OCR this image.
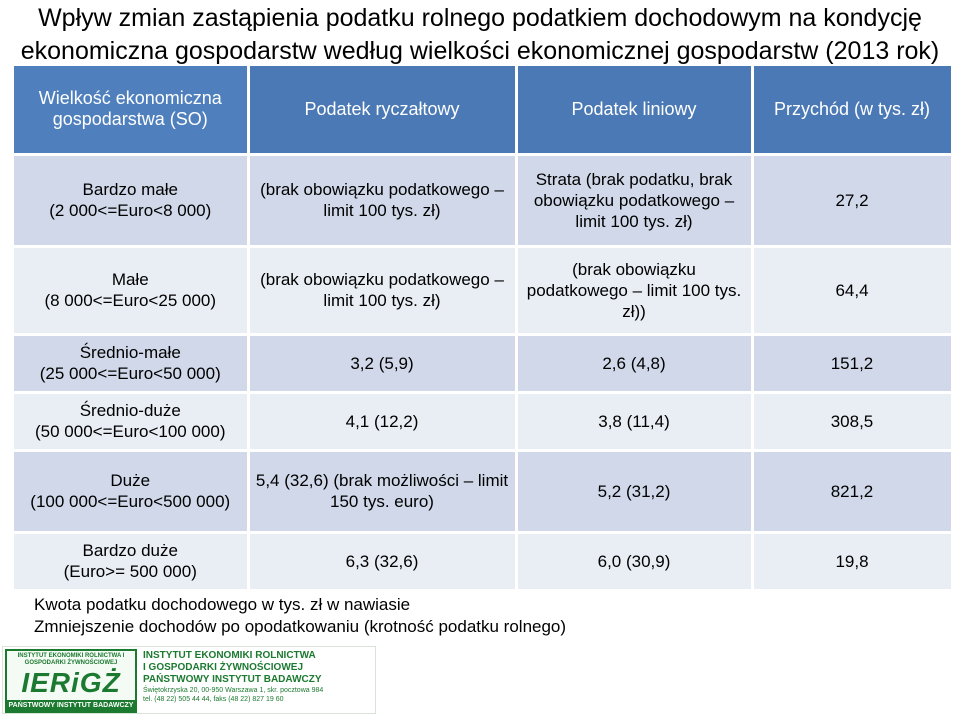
Wpływ zmian zastąpienia podatku rolnego podatkiem dochodowym na kondycję ekonomiczna gospodarstw według wielkości ekonomicznej gospodarstw (2013 rok)
Wielkość ekonomiczna gospodarstwa (SO)	Podatek ryczałtowy	Podatek liniowy	Przychód (w tys. zł)

Bardzo małe
(2 000<=Euro<8 000)	(brak obowiązku podatkowego – limit 100 tys. zł)	Strata (brak podatku, brak obowiązku podatkowego – limit 100 tys. zł)	27,2

Małe
(8 000<=Euro<25 000)	(brak obowiązku podatkowego – limit 100 tys. zł)	(brak obowiązku podatkowego – limit 100 tys. zł))	64,4

Średnio-małe
(25 000<=Euro<50 000)	3,2 (5,9)	2,6 (4,8)	151,2

Średnio-duże
(50 000<=Euro<100 000)	4,1 (12,2)	3,8 (11,4)	308,5

Duże
(100 000<=Euro<500 000)	5,4 (32,6) (brak możliwości – limit 150 tys. euro)	5,2 (31,2)	821,2

Bardzo duże
(Euro>= 500 000)	6,3 (32,6)	6,0 (30,9)	19,8
Kwota podatku dochodowego w tys. zł w nawiasie
Zmniejszenie dochodów po opodatkowaniu (krotność podatku rolnego)
INSTYTUT EKONOMIKI ROLNICTWA I GOSPODARKI ŻYWNOŚCIOWEJ
IERiGŻ
PAŃSTWOWY INSTYTUT BADAWCZY
INSTYTUT EKONOMIKI ROLNICTWA
I GOSPODARKI ŻYWNOŚCIOWEJ
PAŃSTWOWY INSTYTUT BADAWCZY
Świętokrzyska 20, 00-950 Warszawa 1, skr. pocztowa 984
tel. (48 22) 505 44 44, faks (48 22) 827 19 60
